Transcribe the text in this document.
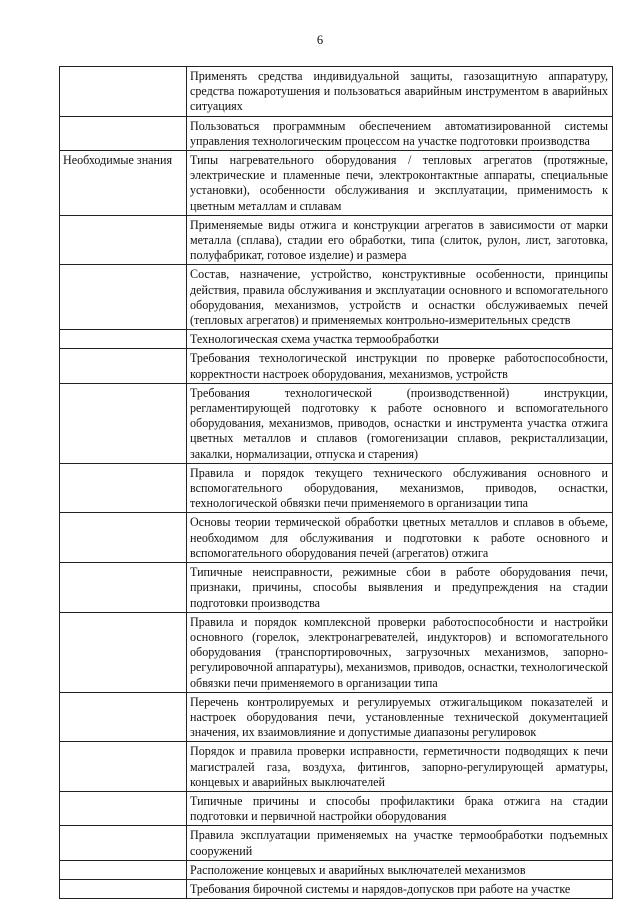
6
	Применять средства индивидуальной защиты, газозащитную аппаратуру, средства пожаротушения и пользоваться аварийным инструментом в аварийных ситуациях
	Пользоваться программным обеспечением автоматизированной системы управления технологическим процессом на участке подготовки производства
Необходимые знания	Типы нагревательного оборудования / тепловых агрегатов (протяжные, электрические и пламенные печи, электроконтактные аппараты, специальные установки), особенности обслуживания и эксплуатации, применимость к цветным металлам и сплавам
	Применяемые виды отжига и конструкции агрегатов в зависимости от марки металла (сплава), стадии его обработки, типа (слиток, рулон, лист, заготовка, полуфабрикат, готовое изделие) и размера
	Состав, назначение, устройство, конструктивные особенности, принципы действия, правила обслуживания и эксплуатации основного и вспомогательного оборудования, механизмов, устройств и оснастки обслуживаемых печей (тепловых агрегатов) и применяемых контрольно-измерительных средств
	Технологическая схема участка термообработки
	Требования технологической инструкции по проверке работоспособности, корректности настроек оборудования, механизмов, устройств
	Требования технологической (производственной) инструкции, регламентирующей подготовку к работе основного и вспомогательного оборудования, механизмов, приводов, оснастки и инструмента участка отжига цветных металлов и сплавов (гомогенизации сплавов, рекристаллизации, закалки, нормализации, отпуска и старения)
	Правила и порядок текущего технического обслуживания основного и вспомогательного оборудования, механизмов, приводов, оснастки, технологической обвязки печи применяемого в организации типа
	Основы теории термической обработки цветных металлов и сплавов в объеме, необходимом для обслуживания и подготовки к работе основного и вспомогательного оборудования печей (агрегатов) отжига
	Типичные неисправности, режимные сбои в работе оборудования печи, признаки, причины, способы выявления и предупреждения на стадии подготовки производства
	Правила и порядок комплексной проверки работоспособности и настройки основного (горелок, электронагревателей, индукторов) и вспомогательного оборудования (транспортировочных, загрузочных механизмов, запорно-регулировочной аппаратуры), механизмов, приводов, оснастки, технологической обвязки печи применяемого в организации типа
	Перечень контролируемых и регулируемых отжигальщиком показателей и настроек оборудования печи, установленные технической документацией значения, их взаимовлияние и допустимые диапазоны регулировок
	Порядок и правила проверки исправности, герметичности подводящих к печи магистралей газа, воздуха, фитингов, запорно-регулирующей арматуры, концевых и аварийных выключателей
	Типичные причины и способы профилактики брака отжига на стадии подготовки и первичной настройки оборудования
	Правила эксплуатации применяемых на участке термообработки подъемных сооружений
	Расположение концевых и аварийных выключателей механизмов
	Требования бирочной системы и нарядов-допусков при работе на участке
